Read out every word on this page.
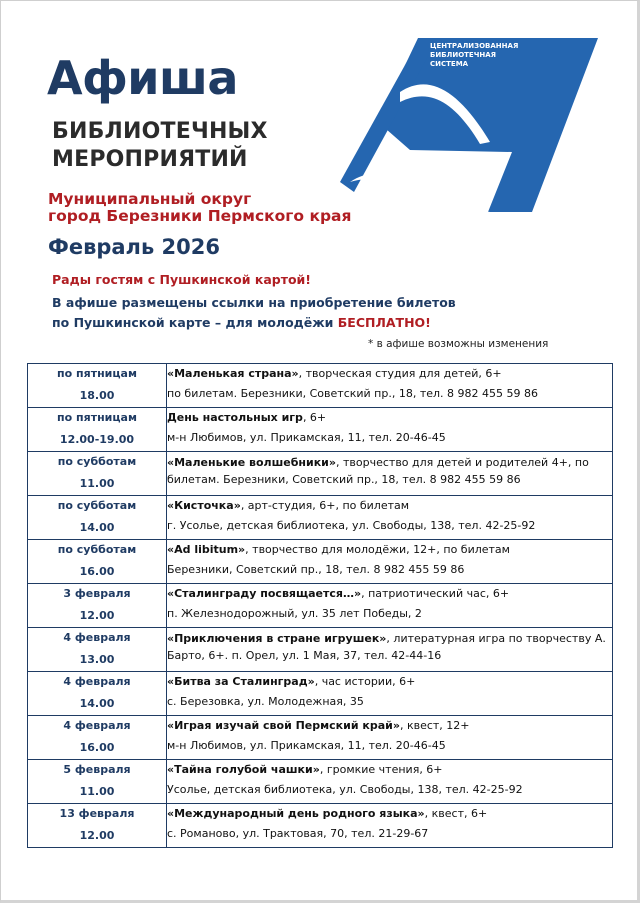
Афиша
БИБЛИОТЕЧНЫХ
МЕРОПРИЯТИЙ
ЦЕНТРАЛИЗОВАННАЯ
БИБЛИОТЕЧНАЯ
СИСТЕМА
г. Березники
Муниципальный округ
город Березники Пермского края
Февраль 2026
Рады гостям с Пушкинской картой!
В афише размещены ссылки на приобретение билетов
по Пушкинской карте – для молодёжи БЕСПЛАТНО!
* в афише возможны изменения
по пятницам
18.00	«Маленькая страна», творческая студия для детей, 6+
по билетам. Березники, Советский пр., 18, тел. 8 982 455 59 86

по пятницам
12.00-19.00	День настольных игр, 6+
м-н Любимов, ул. Прикамская, 11, тел. 20-46-45

по субботам
11.00	«Маленькие волшебники», творчество для детей и родителей 4+, по билетам. Березники, Советский пр., 18, тел. 8 982 455 59 86

по субботам
14.00	«Кисточка», арт-студия, 6+, по билетам
г. Усолье, детская библиотека, ул. Свободы, 138, тел. 42-25-92

по субботам
16.00	«Ad libitum», творчество для молодёжи, 12+, по билетам
Березники, Советский пр., 18, тел. 8 982 455 59 86

3 февраля
12.00	«Сталинграду посвящается…», патриотический час, 6+
п. Железнодорожный, ул. 35 лет Победы, 2

4 февраля
13.00	«Приключения в стране игрушек», литературная игра по творчеству А. Барто, 6+. п. Орел, ул. 1 Мая, 37, тел. 42-44-16

4 февраля
14.00	«Битва за Сталинград», час истории, 6+
с. Березовка, ул. Молодежная, 35

4 февраля
16.00	«Играя изучай свой Пермский край», квест, 12+
м-н Любимов, ул. Прикамская, 11, тел. 20-46-45

5 февраля
11.00	«Тайна голубой чашки», громкие чтения, 6+
Усолье, детская библиотека, ул. Свободы, 138, тел. 42-25-92

13 февраля
12.00	«Международный день родного языка», квест, 6+
с. Романово, ул. Трактовая, 70, тел. 21-29-67
